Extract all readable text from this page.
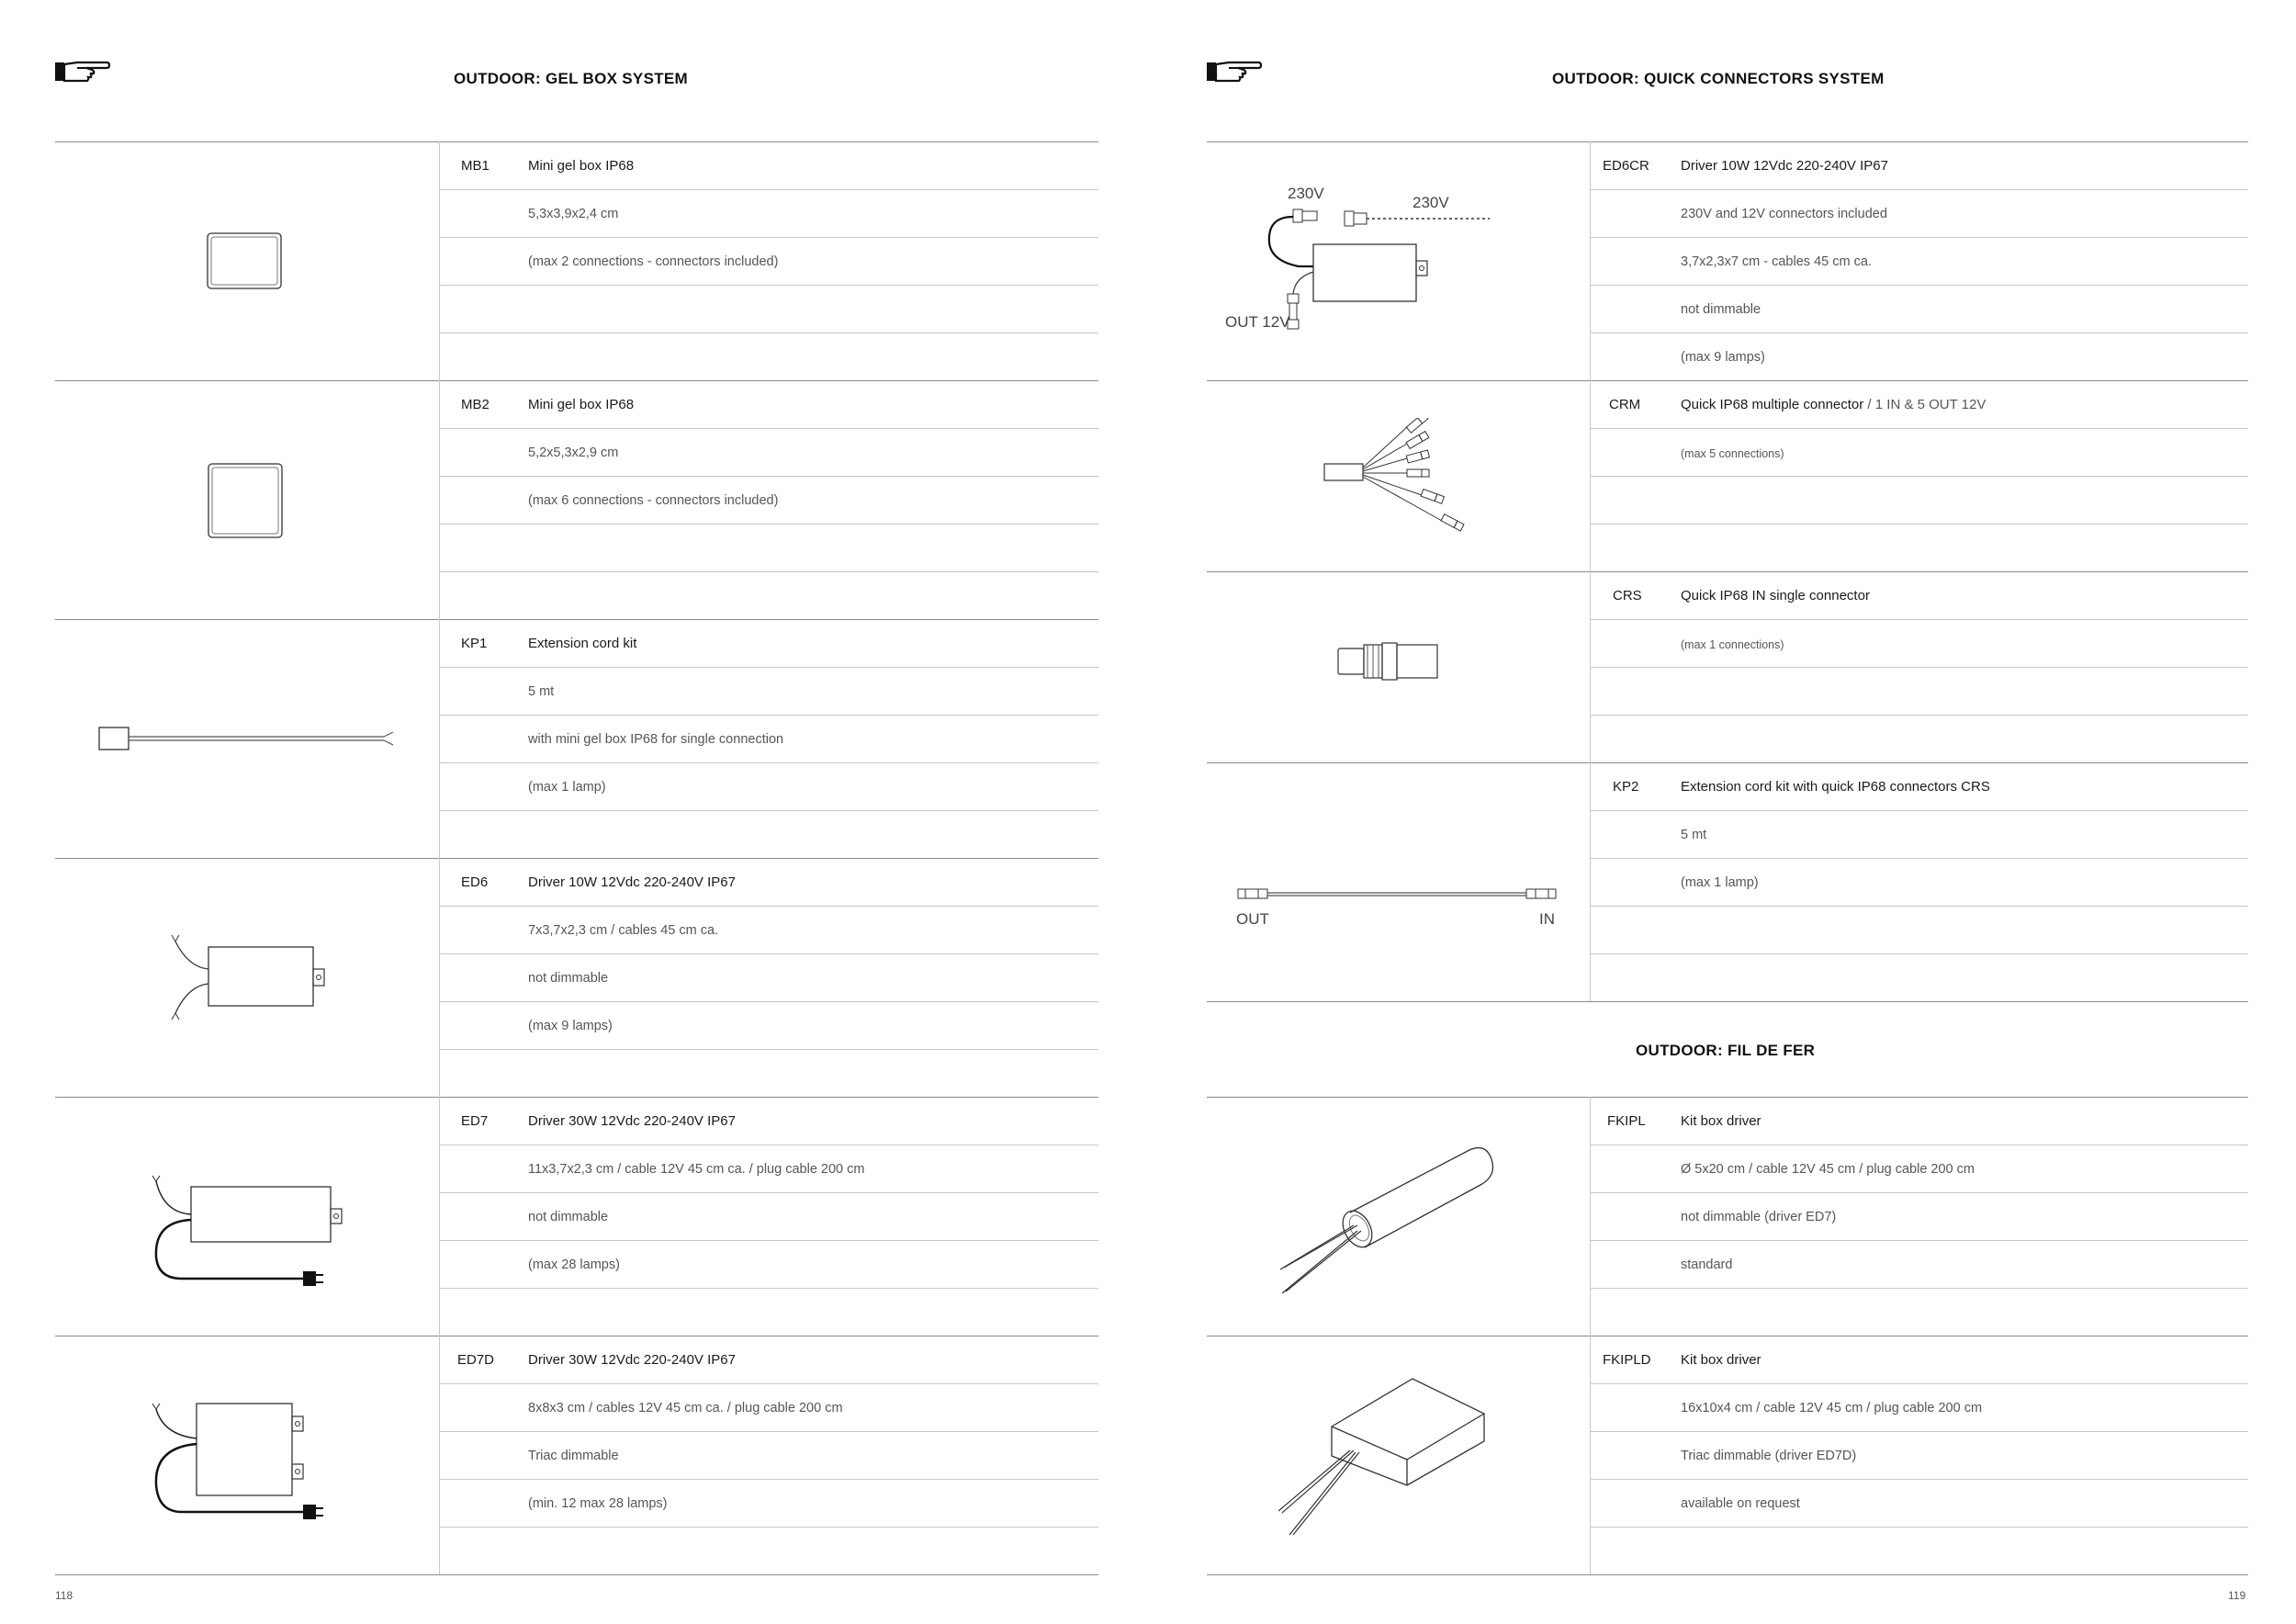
OUTDOOR: GEL BOX SYSTEM
MB1	Mini gel box IP68
5,3x3,9x2,4 cm
(max 2 connections - connectors included)
MB2	Mini gel box IP68
5,2x5,3x2,9 cm
(max 6 connections - connectors included)
KP1	Extension cord kit
5 mt
with mini gel box IP68 for single connection
(max 1 lamp)
ED6	Driver 10W 12Vdc 220-240V IP67
7x3,7x2,3 cm / cables 45 cm ca.
not dimmable
(max 9 lamps)
ED7	Driver 30W 12Vdc 220-240V IP67
11x3,7x2,3 cm / cable 12V 45 cm ca. / plug cable 200 cm
not dimmable
(max 28 lamps)
ED7D Driver 30W 12Vdc 220-240V IP67
8x8x3 cm / cables 12V 45 cm ca. / plug cable 200 cm
Triac dimmable
(min. 12 max 28 lamps)
118
OUTDOOR: QUICK CONNECTORS SYSTEM
230V
230V
OUT 12V
ED6CR Driver 10W 12Vdc 220-240V IP67
230V and 12V connectors included
3,7x2,3x7 cm - cables 45 cm ca.
not dimmable
(max 9 lamps)
CRM	Quick IP68 multiple connector / 1 IN & 5 OUT 12V
(max 5 connections)
CRS	Quick IP68 IN single connector
(max 1 connections)
OUT	IN
KP2	Extension cord kit with quick IP68 connectors CRS
5 mt
(max 1 lamp)
OUTDOOR: FIL DE FER
FKIPL	Kit box driver
Ø 5x20 cm / cable 12V 45 cm / plug cable 200 cm
not dimmable (driver ED7)
standard
FKIPLD Kit box driver
16x10x4 cm / cable 12V 45 cm / plug cable 200 cm
Triac dimmable (driver ED7D)
available on request
119
